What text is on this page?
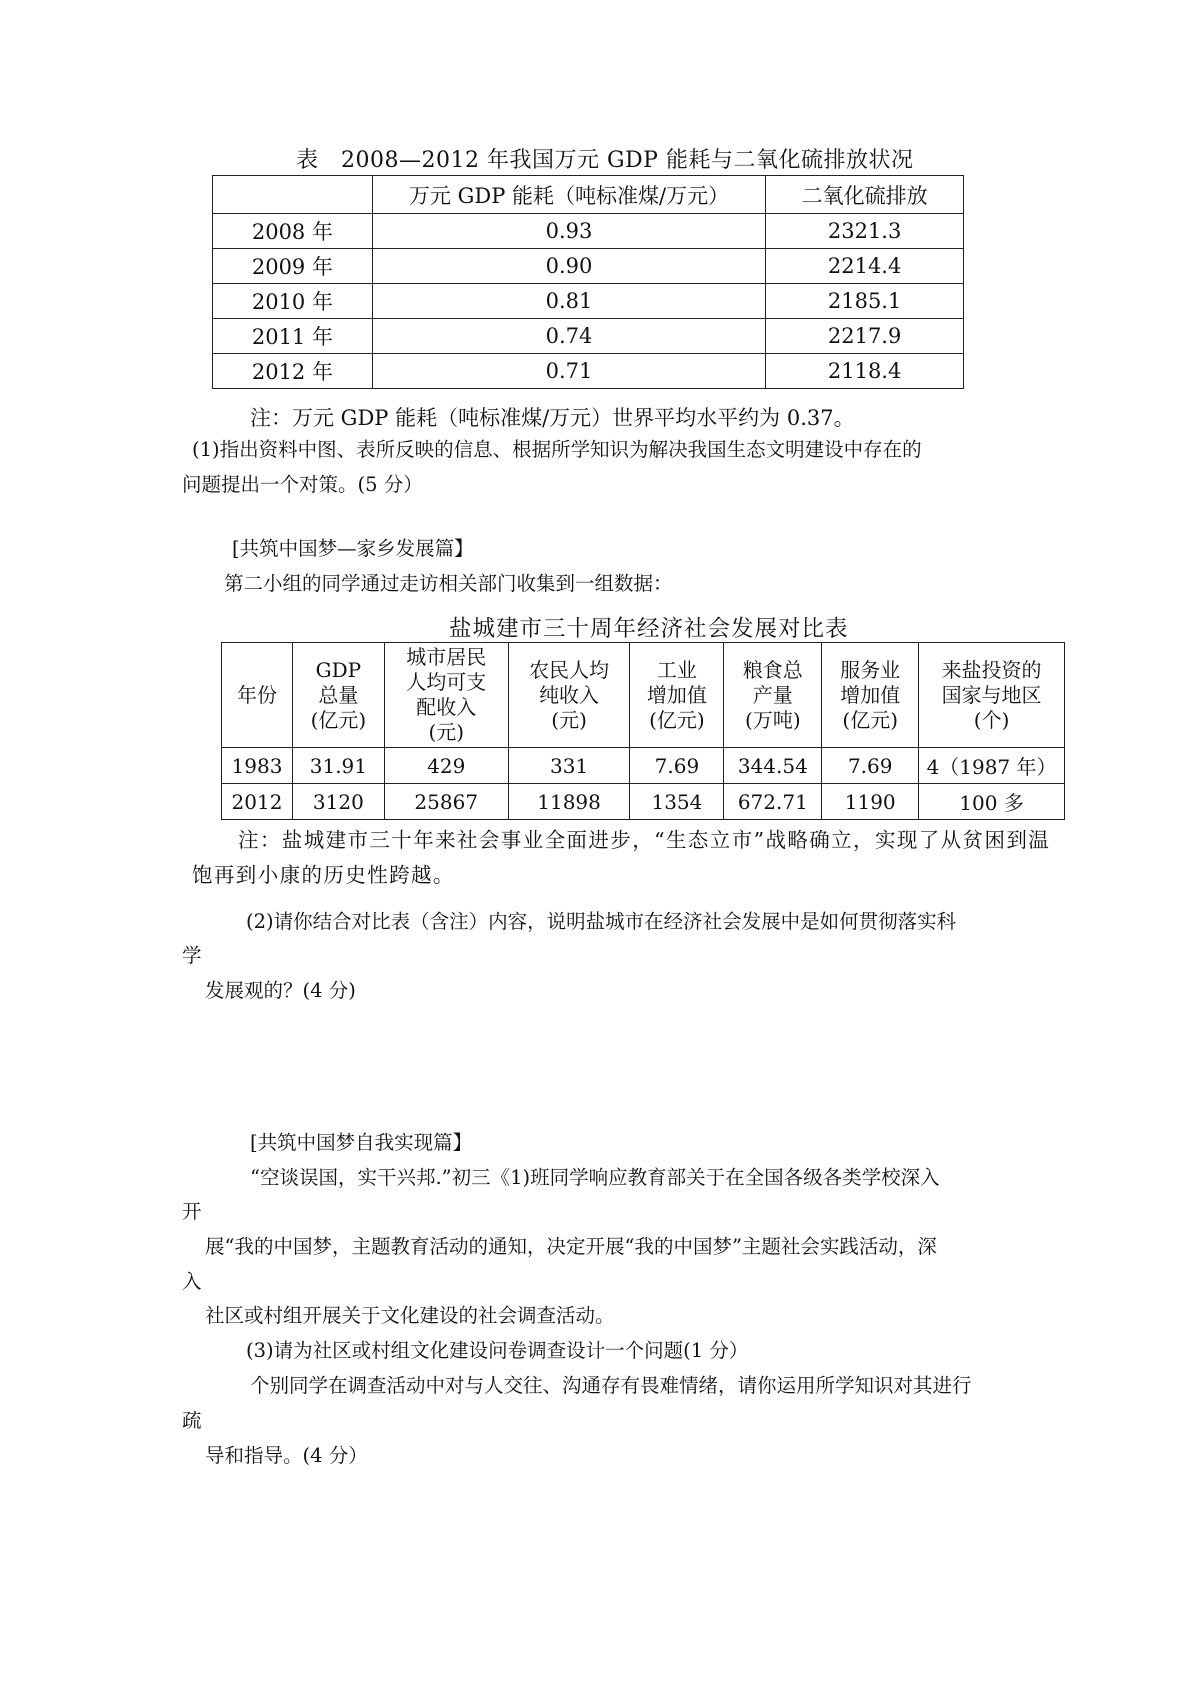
表　2008—2012 年我国万元 GDP 能耗与二氧化硫排放状况
	万元 GDP 能耗（吨标准煤/万元）	二氧化硫排放
2008 年	0.93	2321.3
2009 年	0.90	2214.4
2010 年	0.81	2185.1
2011 年	0.74	2217.9
2012 年	0.71	2118.4
注：万元 GDP 能耗（吨标准煤/万元）世界平均水平约为 0.37。
(1)指出资料中图、表所反映的信息、根据所学知识为解决我国生态文明建设中存在的
问题提出一个对策。(5 分）
[共筑中国梦—家乡发展篇】
第二小组的同学通过走访相关部门收集到一组数据：
盐城建市三十周年经济社会发展对比表
年份	GDP
总量
(亿元)	城市居民
人均可支
配收入
(元)	农民人均
纯收入
(元)	工业
增加值
(亿元)	粮食总
产量
(万吨)	服务业
增加值
(亿元)	来盐投资的
国家与地区
(个)
1983	31.91	429	331	7.69	344.54	7.69	4（1987 年）
2012	3120	25867	11898	1354	672.71	1190	100 多
注：盐城建市三十年来社会事业全面进步，“生态立市”战略确立，实现了从贫困到温
饱再到小康的历史性跨越。
(2)请你结合对比表（含注）内容，说明盐城市在经济社会发展中是如何贯彻落实科
学
发展观的？(4 分)
[共筑中国梦自我实现篇】
“空谈误国，实干兴邦.”初三《1)班同学响应教育部关于在全国各级各类学校深入
开
展“我的中国梦，主题教育活动的通知，决定开展“我的中国梦”主题社会实践活动，深
入
社区或村组开展关于文化建设的社会调查活动。
(3)请为社区或村组文化建设问卷调查设计一个问题(1 分）
个别同学在调查活动中对与人交往、沟通存有畏难情绪，请你运用所学知识对其进行
疏
导和指导。(4 分）
